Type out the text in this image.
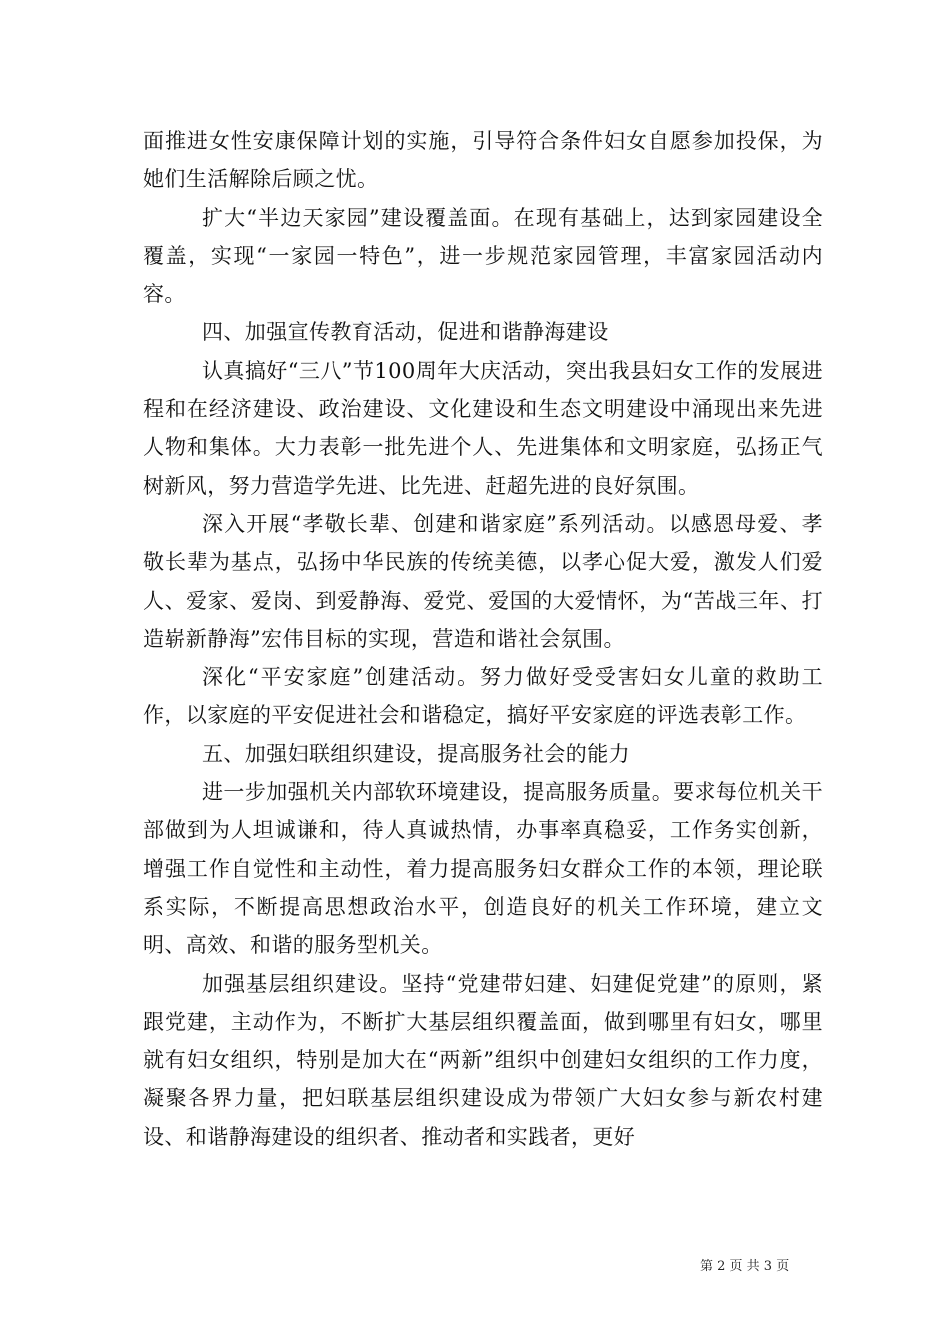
面推进女性安康保障计划的实施，引导符合条件妇女自愿参加投保，为她们生活解除后顾之忧。

扩大“半边天家园”建设覆盖面。在现有基础上，达到家园建设全覆盖，实现“一家园一特色”，进一步规范家园管理，丰富家园活动内容。

四、加强宣传教育活动，促进和谐静海建设

认真搞好“三八”节100周年大庆活动，突出我县妇女工作的发展进程和在经济建设、政治建设、文化建设和生态文明建设中涌现出来先进人物和集体。大力表彰一批先进个人、先进集体和文明家庭，弘扬正气树新风，努力营造学先进、比先进、赶超先进的良好氛围。

深入开展“孝敬长辈、创建和谐家庭”系列活动。以感恩母爱、孝敬长辈为基点，弘扬中华民族的传统美德，以孝心促大爱，激发人们爱人、爱家、爱岗、到爱静海、爱党、爱国的大爱情怀，为“苦战三年、打造崭新静海”宏伟目标的实现，营造和谐社会氛围。

深化“平安家庭”创建活动。努力做好受受害妇女儿童的救助工作，以家庭的平安促进社会和谐稳定，搞好平安家庭的评选表彰工作。

五、加强妇联组织建设，提高服务社会的能力

进一步加强机关内部软环境建设，提高服务质量。要求每位机关干部做到为人坦诚谦和，待人真诚热情，办事率真稳妥，工作务实创新，增强工作自觉性和主动性，着力提高服务妇女群众工作的本领，理论联系实际，不断提高思想政治水平，创造良好的机关工作环境，建立文明、高效、和谐的服务型机关。

加强基层组织建设。坚持“党建带妇建、妇建促党建”的原则，紧跟党建，主动作为，不断扩大基层组织覆盖面，做到哪里有妇女，哪里就有妇女组织，特别是加大在“两新”组织中创建妇女组织的工作力度，凝聚各界力量，把妇联基层组织建设成为带领广大妇女参与新农村建设、和谐静海建设的组织者、推动者和实践者，更好

第 2 页 共 3 页
